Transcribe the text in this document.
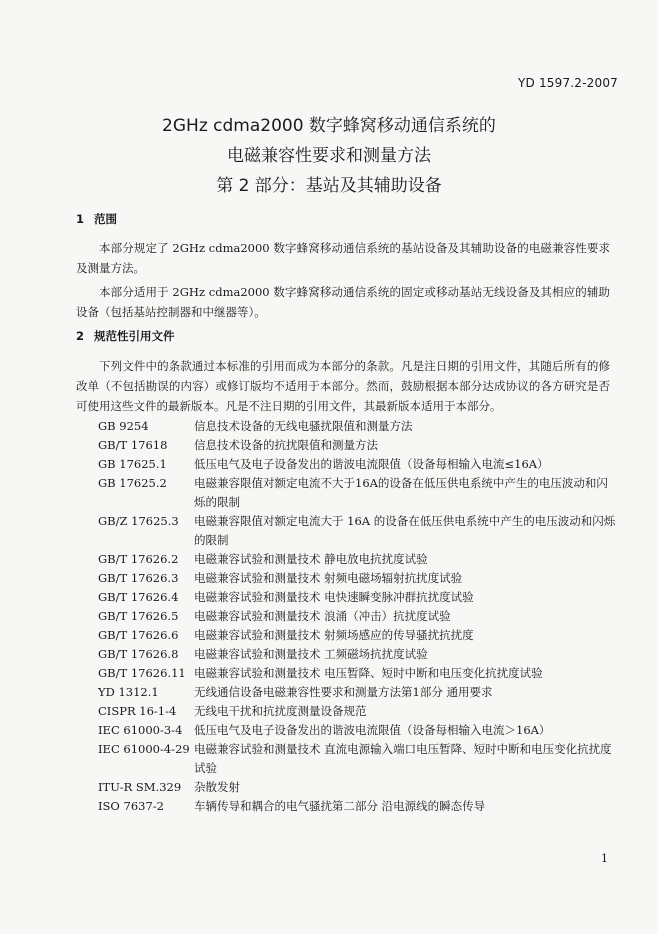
YD 1597.2-2007
2GHz cdma2000 数字蜂窝移动通信系统的
电磁兼容性要求和测量方法
第 2 部分：基站及其辅助设备
1 范围
本部分规定了 2GHz cdma2000 数字蜂窝移动通信系统的基站设备及其辅助设备的电磁兼容性要求及测量方法。
本部分适用于 2GHz cdma2000 数字蜂窝移动通信系统的固定或移动基站无线设备及其相应的辅助设备（包括基站控制器和中继器等）。
2 规范性引用文件
下列文件中的条款通过本标准的引用而成为本部分的条款。凡是注日期的引用文件，其随后所有的修改单（不包括勘误的内容）或修订版均不适用于本部分。然而，鼓励根据本部分达成协议的各方研究是否可使用这些文件的最新版本。凡是不注日期的引用文件，其最新版本适用于本部分。
GB 9254	信息技术设备的无线电骚扰限值和测量方法
GB/T 17618	信息技术设备的抗扰限值和测量方法
GB 17625.1	低压电气及电子设备发出的谐波电流限值（设备每相输入电流≤16A）
GB 17625.2	电磁兼容限值对额定电流不大于16A的设备在低压供电系统中产生的电压波动和闪烁的限制
GB/Z 17625.3	电磁兼容限值对额定电流大于 16A 的设备在低压供电系统中产生的电压波动和闪烁的限制
GB/T 17626.2	电磁兼容试验和测量技术 静电放电抗扰度试验
GB/T 17626.3	电磁兼容试验和测量技术 射频电磁场辐射抗扰度试验
GB/T 17626.4	电磁兼容试验和测量技术 电快速瞬变脉冲群抗扰度试验
GB/T 17626.5	电磁兼容试验和测量技术 浪涌（冲击）抗扰度试验
GB/T 17626.6	电磁兼容试验和测量技术 射频场感应的传导骚扰抗扰度
GB/T 17626.8	电磁兼容试验和测量技术 工频磁场抗扰度试验
GB/T 17626.11 电磁兼容试验和测量技术 电压暂降、短时中断和电压变化抗扰度试验
YD 1312.1	无线通信设备电磁兼容性要求和测量方法第1部分 通用要求
CISPR 16-1-4	无线电干扰和抗扰度测量设备规范
IEC 61000-3-4	低压电气及电子设备发出的谐波电流限值（设备每相输入电流＞16A）
IEC 61000-4-29 电磁兼容试验和测量技术 直流电源输入端口电压暂降、短时中断和电压变化抗扰度试验
ITU-R SM.329	杂散发射
ISO 7637-2	车辆传导和耦合的电气骚扰第二部分 沿电源线的瞬态传导
1
